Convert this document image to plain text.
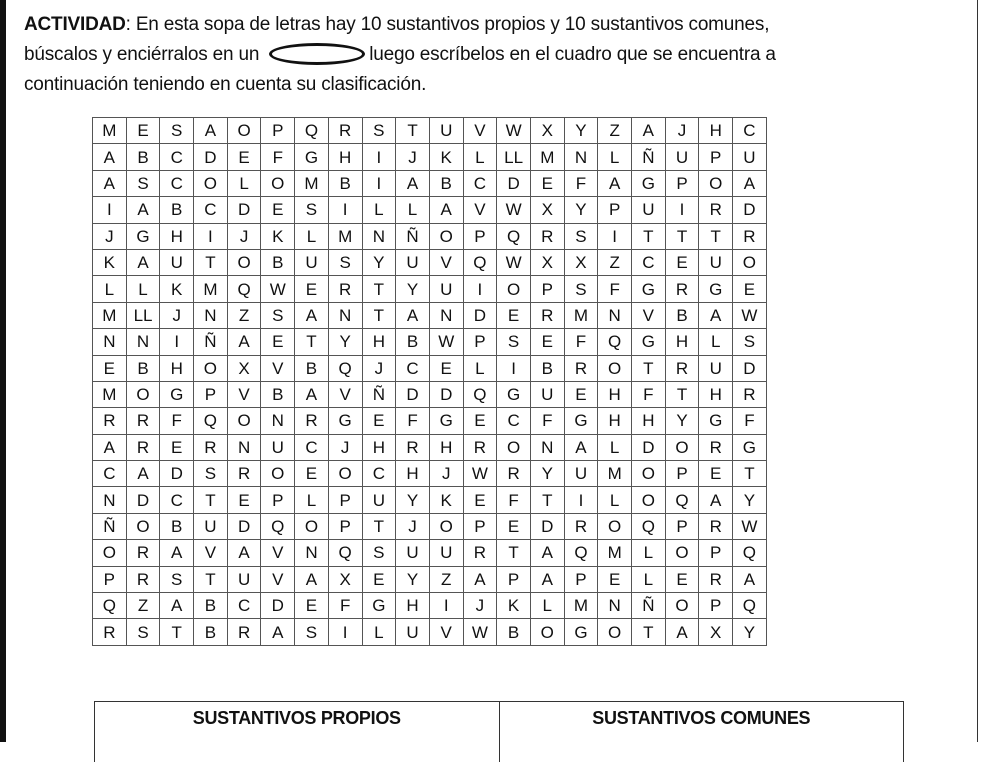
ACTIVIDAD: En esta sopa de letras hay 10 sustantivos propios y 10 sustantivos comunes,
búscalos y enciérralos en un	luego escríbelos en el cuadro que se encuentra a
continuación teniendo en cuenta su clasificación.
M	E	S	A	O	P	Q	R	S	T	U	V	W	X	Y	Z	A	J	H	C
A	B	C	D	E	F	G	H	I	J	K	L	LL	M	N	L	Ñ	U	P	U
A	S	C	O	L	O	M	B	I	A	B	C	D	E	F	A	G	P	O	A
I	A	B	C	D	E	S	I	L	L	A	V	W	X	Y	P	U	I	R	D
J	G	H	I	J	K	L	M	N	Ñ	O	P	Q	R	S	I	T	T	T	R
K	A	U	T	O	B	U	S	Y	U	V	Q	W	X	X	Z	C	E	U	O
L	L	K	M	Q	W	E	R	T	Y	U	I	O	P	S	F	G	R	G	E
M	LL	J	N	Z	S	A	N	T	A	N	D	E	R	M	N	V	B	A	W
N	N	I	Ñ	A	E	T	Y	H	B	W	P	S	E	F	Q	G	H	L	S
E	B	H	O	X	V	B	Q	J	C	E	L	I	B	R	O	T	R	U	D
M	O	G	P	V	B	A	V	Ñ	D	D	Q	G	U	E	H	F	T	H	R
R	R	F	Q	O	N	R	G	E	F	G	E	C	F	G	H	H	Y	G	F
A	R	E	R	N	U	C	J	H	R	H	R	O	N	A	L	D	O	R	G
C	A	D	S	R	O	E	O	C	H	J	W	R	Y	U	M	O	P	E	T
N	D	C	T	E	P	L	P	U	Y	K	E	F	T	I	L	O	Q	A	Y
Ñ	O	B	U	D	Q	O	P	T	J	O	P	E	D	R	O	Q	P	R	W
O	R	A	V	A	V	N	Q	S	U	U	R	T	A	Q	M	L	O	P	Q
P	R	S	T	U	V	A	X	E	Y	Z	A	P	A	P	E	L	E	R	A
Q	Z	A	B	C	D	E	F	G	H	I	J	K	L	M	N	Ñ	O	P	Q
R	S	T	B	R	A	S	I	L	U	V	W	B	O	G	O	T	A	X	Y
SUSTANTIVOS PROPIOS	SUSTANTIVOS COMUNES
